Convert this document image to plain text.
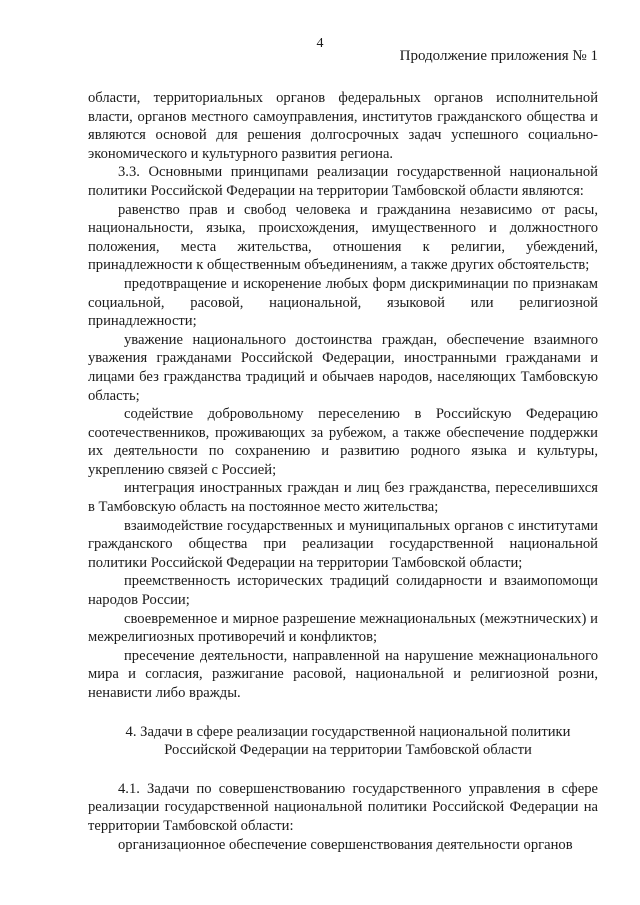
4
Продолжение приложения № 1

области, территориальных органов федеральных органов исполнительной власти, органов местного самоуправления, институтов гражданского общества и являются основой для решения долгосрочных задач успешного социально-экономического и культурного развития региона.

3.3. Основными принципами реализации государственной национальной политики Российской Федерации на территории Тамбовской области являются:

равенство прав и свобод человека и гражданина независимо от расы, национальности, языка, происхождения, имущественного и должностного положения, места жительства, отношения к религии, убеждений, принадлежности к общественным объединениям, а также других обстоятельств;

предотвращение и искоренение любых форм дискриминации по признакам социальной, расовой, национальной, языковой или религиозной принадлежности;

уважение национального достоинства граждан, обеспечение взаимного уважения гражданами Российской Федерации, иностранными гражданами и лицами без гражданства традиций и обычаев народов, населяющих Тамбовскую область;

содействие добровольному переселению в Российскую Федерацию соотечественников, проживающих за рубежом, а также обеспечение поддержки их деятельности по сохранению и развитию родного языка и культуры, укреплению связей с Россией;

интеграция иностранных граждан и лиц без гражданства, переселившихся в Тамбовскую область на постоянное место жительства;

взаимодействие государственных и муниципальных органов с институтами гражданского общества при реализации государственной национальной политики Российской Федерации на территории Тамбовской области;

преемственность исторических традиций солидарности и взаимопомощи народов России;

своевременное и мирное разрешение межнациональных (межэтнических) и межрелигиозных противоречий и конфликтов;

пресечение деятельности, направленной на нарушение межнационального мира и согласия, разжигание расовой, национальной и религиозной розни, ненависти либо вражды.

4. Задачи в сфере реализации государственной национальной политики

Российской Федерации на территории Тамбовской области

4.1. Задачи по совершенствованию государственного управления в сфере реализации государственной национальной политики Российской Федерации на территории Тамбовской области:

организационное обеспечение совершенствования деятельности органов
